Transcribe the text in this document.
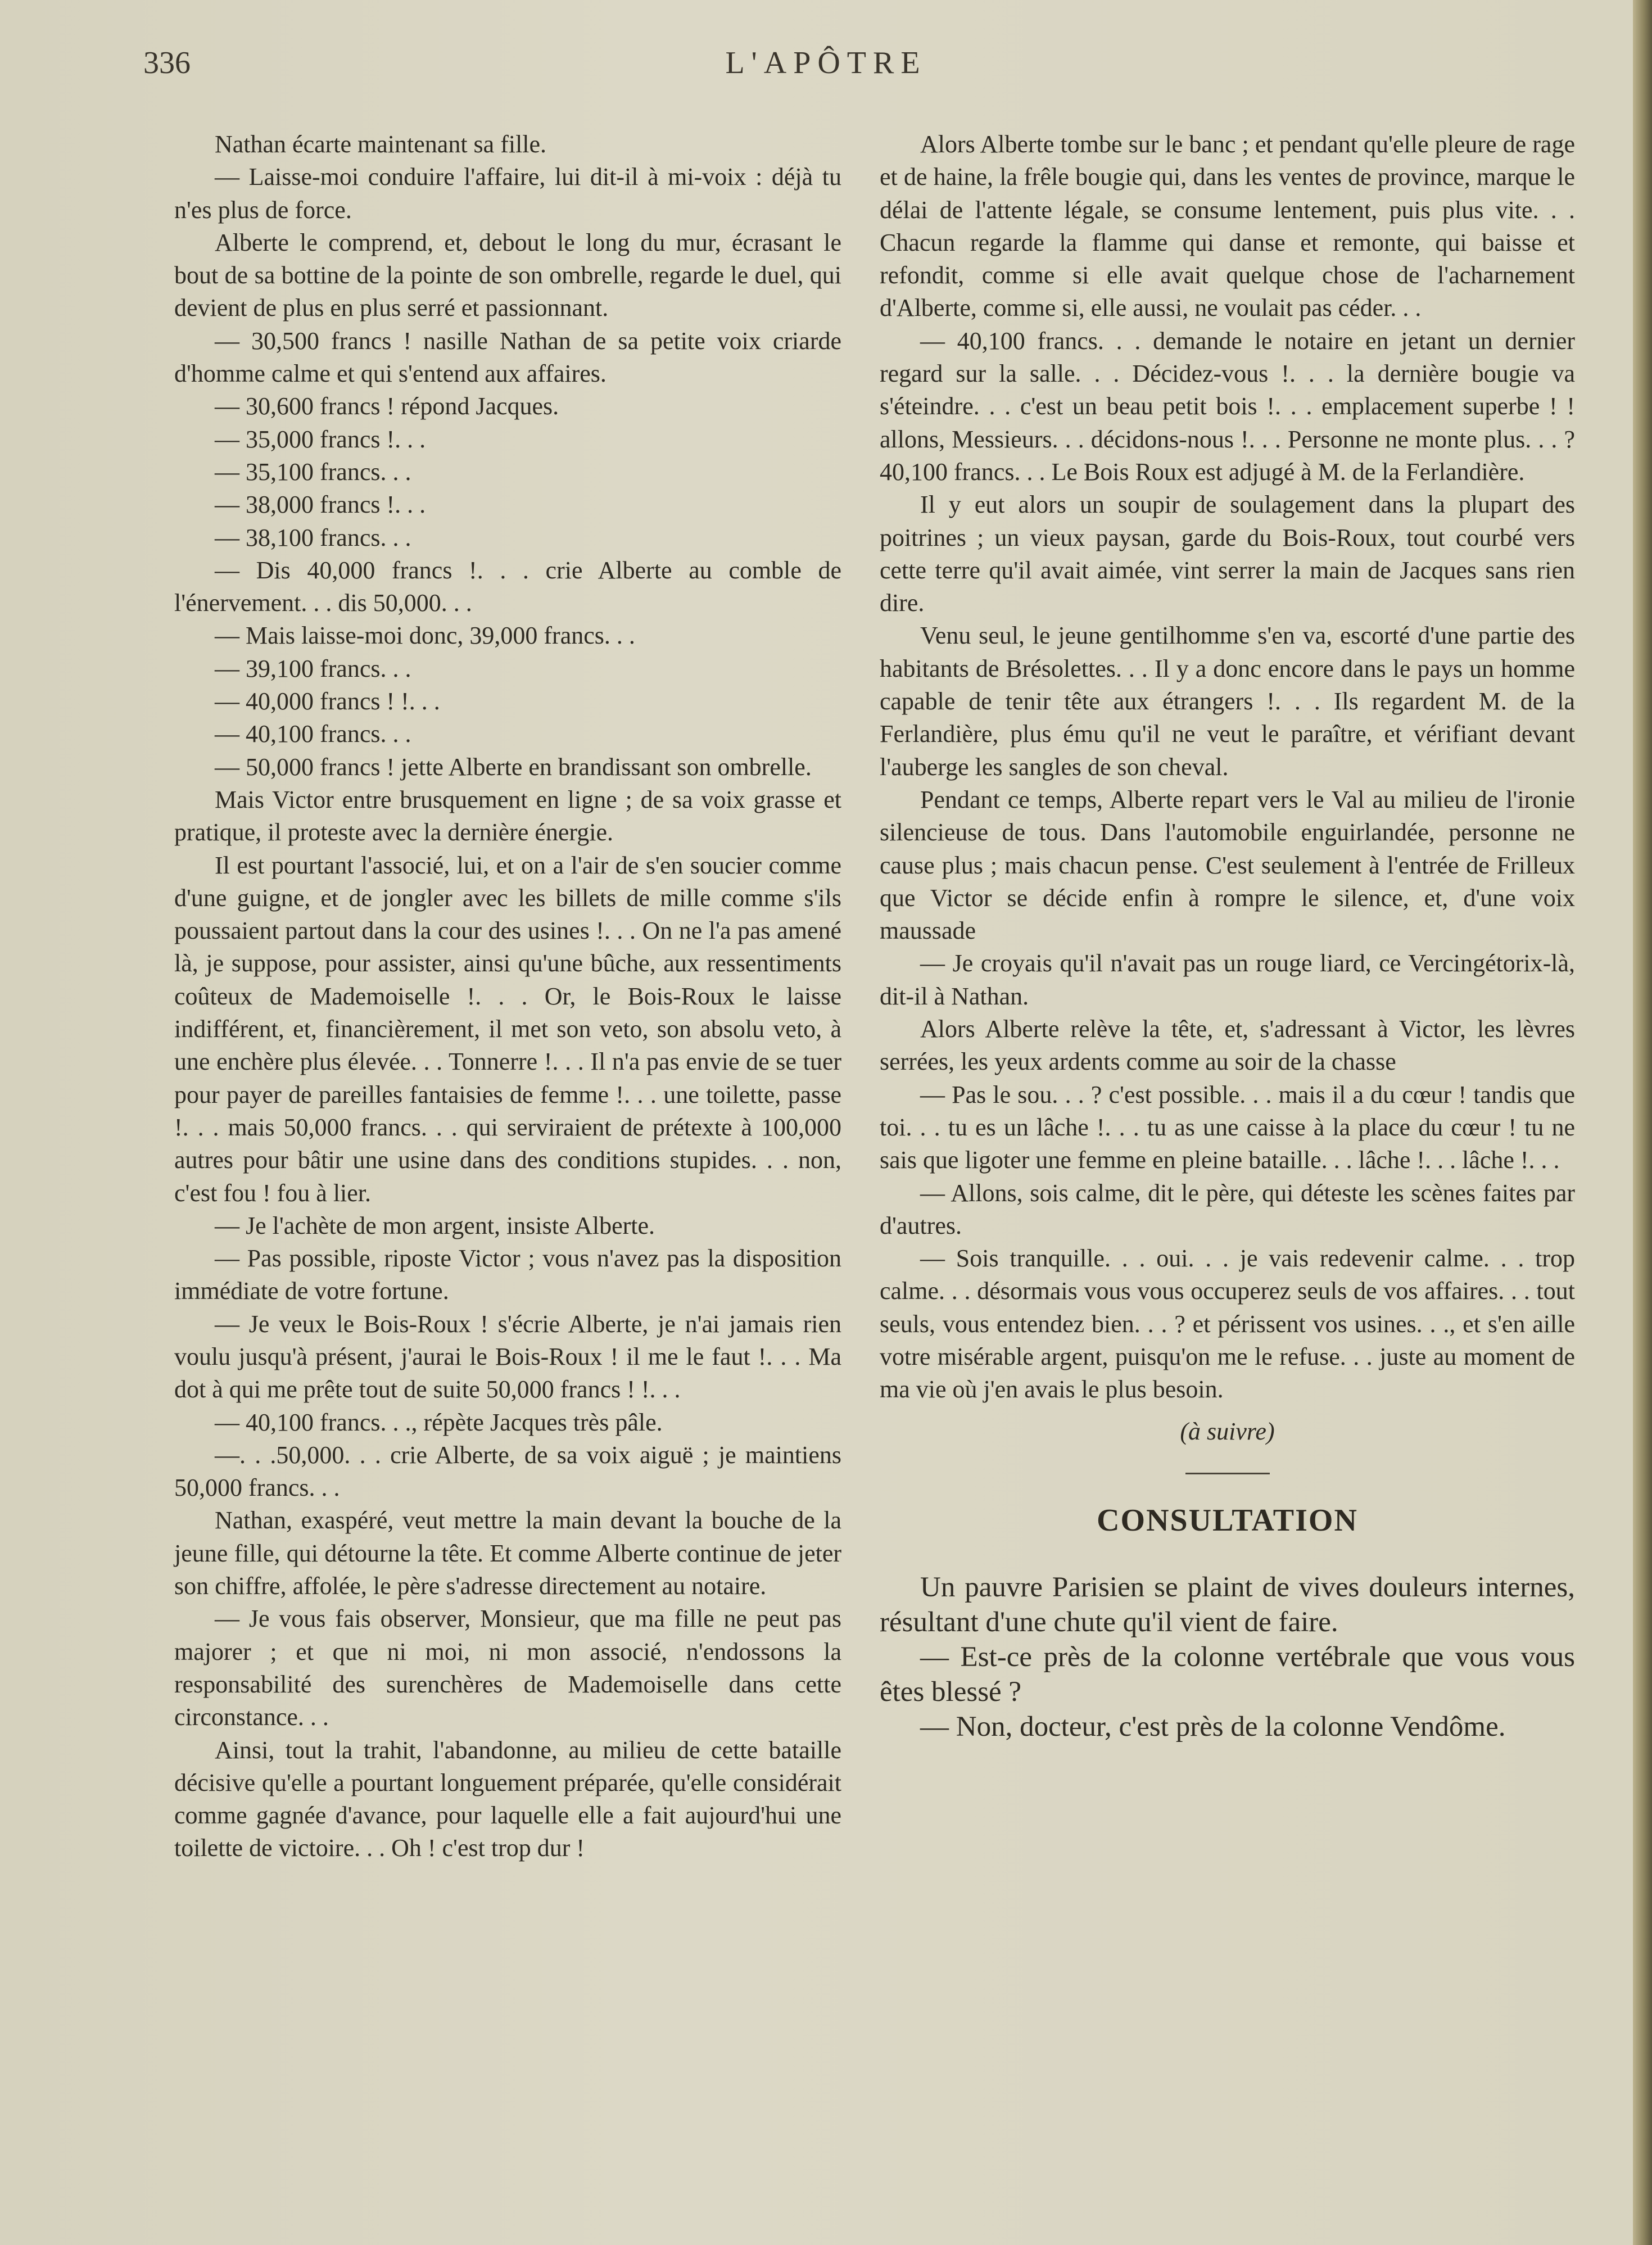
336	L'APÔTRE

Nathan écarte maintenant sa fille.

— Laisse-moi conduire l'affaire, lui dit-il à mi-voix : déjà tu n'es plus de force.

Alberte le comprend, et, debout le long du mur, écrasant le bout de sa bottine de la pointe de son ombrelle, regarde le duel, qui devient de plus en plus serré et passionnant.

— 30,500 francs ! nasille Nathan de sa petite voix criarde d'homme calme et qui s'entend aux affaires.

— 30,600 francs ! répond Jacques.

— 35,000 francs !. . .

— 35,100 francs. . .

— 38,000 francs !. . .

— 38,100 francs. . .

— Dis 40,000 francs !. . . crie Alberte au comble de l'énervement. . . dis 50,000. . .

— Mais laisse-moi donc, 39,000 francs. . .

— 39,100 francs. . .

— 40,000 francs ! !. . .

— 40,100 francs. . .

— 50,000 francs ! jette Alberte en brandissant son ombrelle.

Mais Victor entre brusquement en ligne ; de sa voix grasse et pratique, il proteste avec la dernière énergie.

Il est pourtant l'associé, lui, et on a l'air de s'en soucier comme d'une guigne, et de jongler avec les billets de mille comme s'ils poussaient partout dans la cour des usines !. . . On ne l'a pas amené là, je suppose, pour assister, ainsi qu'une bûche, aux ressentiments coûteux de Mademoiselle !. . . Or, le Bois-Roux le laisse indifférent, et, financièrement, il met son veto, son absolu veto, à une enchère plus élevée. . . Tonnerre !. . . Il n'a pas envie de se tuer pour payer de pareilles fantaisies de femme !. . . une toilette, passe !. . . mais 50,000 francs. . . qui serviraient de prétexte à 100,000 autres pour bâtir une usine dans des conditions stupides. . . non, c'est fou ! fou à lier.

— Je l'achète de mon argent, insiste Alberte.

— Pas possible, riposte Victor ; vous n'avez pas la disposition immédiate de votre fortune.

— Je veux le Bois-Roux ! s'écrie Alberte, je n'ai jamais rien voulu jusqu'à présent, j'aurai le Bois-Roux ! il me le faut !. . . Ma dot à qui me prête tout de suite 50,000 francs ! !. . .

— 40,100 francs. . ., répète Jacques très pâle.

—. . .50,000. . . crie Alberte, de sa voix aiguë ; je maintiens 50,000 francs. . .

Nathan, exaspéré, veut mettre la main devant la bouche de la jeune fille, qui détourne la tête. Et comme Alberte continue de jeter son chiffre, affolée, le père s'adresse directement au notaire.

— Je vous fais observer, Monsieur, que ma fille ne peut pas majorer ; et que ni moi, ni mon associé, n'endossons la responsabilité des surenchères de Mademoiselle dans cette circonstance. . .

Ainsi, tout la trahit, l'abandonne, au milieu de cette bataille décisive qu'elle a pourtant longuement préparée, qu'elle considérait comme gagnée d'avance, pour laquelle elle a fait aujourd'hui une toilette de victoire. . . Oh ! c'est trop dur !

Alors Alberte tombe sur le banc ; et pendant qu'elle pleure de rage et de haine, la frêle bougie qui, dans les ventes de province, marque le délai de l'attente légale, se consume lentement, puis plus vite. . . Chacun regarde la flamme qui danse et remonte, qui baisse et refondit, comme si elle avait quelque chose de l'acharnement d'Alberte, comme si, elle aussi, ne voulait pas céder. . .

— 40,100 francs. . . demande le notaire en jetant un dernier regard sur la salle. . . Décidez-vous !. . . la dernière bougie va s'éteindre. . . c'est un beau petit bois !. . . emplacement superbe ! ! allons, Messieurs. . . décidons-nous !. . . Personne ne monte plus. . . ? 40,100 francs. . . Le Bois Roux est adjugé à M. de la Ferlandière.

Il y eut alors un soupir de soulagement dans la plupart des poitrines ; un vieux paysan, garde du Bois-Roux, tout courbé vers cette terre qu'il avait aimée, vint serrer la main de Jacques sans rien dire.

Venu seul, le jeune gentilhomme s'en va, escorté d'une partie des habitants de Brésolettes. . . Il y a donc encore dans le pays un homme capable de tenir tête aux étrangers !. . . Ils regardent M. de la Ferlandière, plus ému qu'il ne veut le paraître, et vérifiant devant l'auberge les sangles de son cheval.

Pendant ce temps, Alberte repart vers le Val au milieu de l'ironie silencieuse de tous. Dans l'automobile enguirlandée, personne ne cause plus ; mais chacun pense. C'est seulement à l'entrée de Frilleux que Victor se décide enfin à rompre le silence, et, d'une voix maussade

— Je croyais qu'il n'avait pas un rouge liard, ce Vercingétorix-là, dit-il à Nathan.

Alors Alberte relève la tête, et, s'adressant à Victor, les lèvres serrées, les yeux ardents comme au soir de la chasse

— Pas le sou. . . ? c'est possible. . . mais il a du cœur ! tandis que toi. . . tu es un lâche !. . . tu as une caisse à la place du cœur ! tu ne sais que ligoter une femme en pleine bataille. . . lâche !. . . lâche !. . .

— Allons, sois calme, dit le père, qui déteste les scènes faites par d'autres.

— Sois tranquille. . . oui. . . je vais redevenir calme. . . trop calme. . . désormais vous vous occuperez seuls de vos affaires. . . tout seuls, vous entendez bien. . . ? et périssent vos usines. . ., et s'en aille votre misérable argent, puisqu'on me le refuse. . . juste au moment de ma vie où j'en avais le plus besoin.

(à suivre)

CONSULTATION

Un pauvre Parisien se plaint de vives douleurs internes, résultant d'une chute qu'il vient de faire.

— Est-ce près de la colonne vertébrale que vous vous êtes blessé ?

— Non, docteur, c'est près de la colonne Vendôme.
